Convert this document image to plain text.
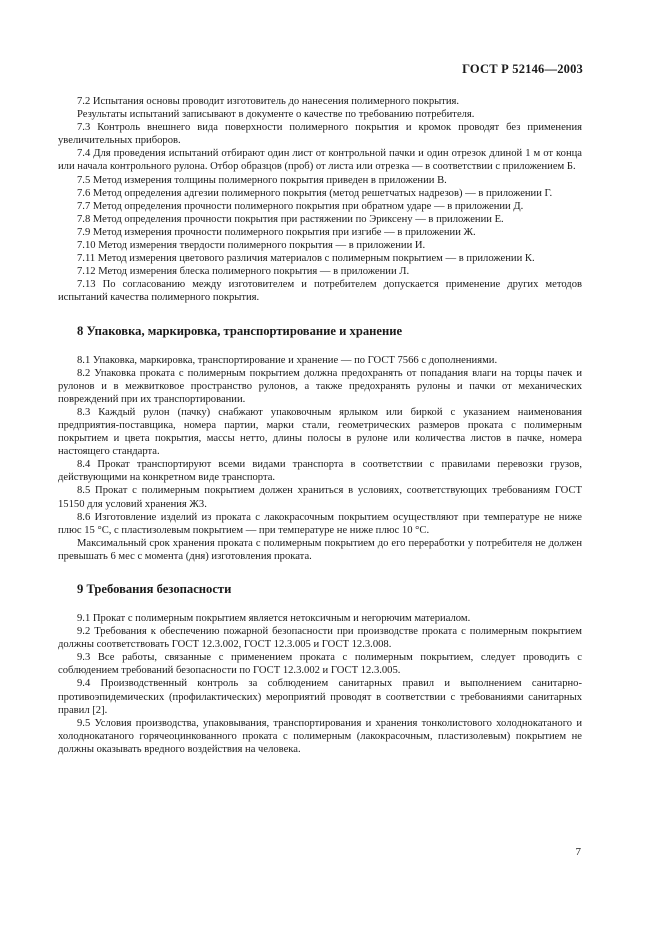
ГОСТ Р 52146—2003

7.2 Испытания основы проводит изготовитель до нанесения полимерного покрытия.

Результаты испытаний записывают в документе о качестве по требованию потребителя.

7.3 Контроль внешнего вида поверхности полимерного покрытия и кромок проводят без применения увеличительных приборов.

7.4 Для проведения испытаний отбирают один лист от контрольной пачки и один отрезок длиной 1 м от конца или начала контрольного рулона. Отбор образцов (проб) от листа или отрезка — в соответствии с приложением Б.

7.5 Метод измерения толщины полимерного покрытия приведен в приложении В.

7.6 Метод определения адгезии полимерного покрытия (метод решетчатых надрезов) — в приложении Г.

7.7 Метод определения прочности полимерного покрытия при обратном ударе — в приложении Д.

7.8 Метод определения прочности покрытия при растяжении по Эриксену — в приложении Е.

7.9 Метод измерения прочности полимерного покрытия при изгибе — в приложении Ж.

7.10 Метод измерения твердости полимерного покрытия — в приложении И.

7.11 Метод измерения цветового различия материалов с полимерным покрытием — в приложении К.

7.12 Метод измерения блеска полимерного покрытия — в приложении Л.

7.13 По согласованию между изготовителем и потребителем допускается применение других методов испытаний качества полимерного покрытия.

8 Упаковка, маркировка, транспортирование и хранение

8.1 Упаковка, маркировка, транспортирование и хранение — по ГОСТ 7566 с дополнениями.

8.2 Упаковка проката с полимерным покрытием должна предохранять от попадания влаги на торцы пачек и рулонов и в межвитковое пространство рулонов, а также предохранять рулоны и пачки от механических повреждений при их транспортировании.

8.3 Каждый рулон (пачку) снабжают упаковочным ярлыком или биркой с указанием наименования предприятия-поставщика, номера партии, марки стали, геометрических размеров проката с полимерным покрытием и цвета покрытия, массы нетто, длины полосы в рулоне или количества листов в пачке, номера настоящего стандарта.

8.4 Прокат транспортируют всеми видами транспорта в соответствии с правилами перевозки грузов, действующими на конкретном виде транспорта.

8.5 Прокат с полимерным покрытием должен храниться в условиях, соответствующих требованиям ГОСТ 15150 для условий хранения Ж3.

8.6 Изготовление изделий из проката с лакокрасочным покрытием осуществляют при температуре не ниже плюс 15 °С, с пластизолевым покрытием — при температуре не ниже плюс 10 °С.

Максимальный срок хранения проката с полимерным покрытием до его переработки у потребителя не должен превышать 6 мес с момента (дня) изготовления проката.

9 Требования безопасности

9.1 Прокат с полимерным покрытием является нетоксичным и негорючим материалом.

9.2 Требования к обеспечению пожарной безопасности при производстве проката с полимерным покрытием должны соответствовать ГОСТ 12.3.002, ГОСТ 12.3.005 и ГОСТ 12.3.008.

9.3 Все работы, связанные с применением проката с полимерным покрытием, следует проводить с соблюдением требований безопасности по ГОСТ 12.3.002 и ГОСТ 12.3.005.

9.4 Производственный контроль за соблюдением санитарных правил и выполнением санитарно-противоэпидемических (профилактических) мероприятий проводят в соответствии с требованиями санитарных правил [2].

9.5 Условия производства, упаковывания, транспортирования и хранения тонколистового холоднокатаного и холоднокатаного горячеоцинкованного проката с полимерным (лакокрасочным, пластизолевым) покрытием не должны оказывать вредного воздействия на человека.

7
